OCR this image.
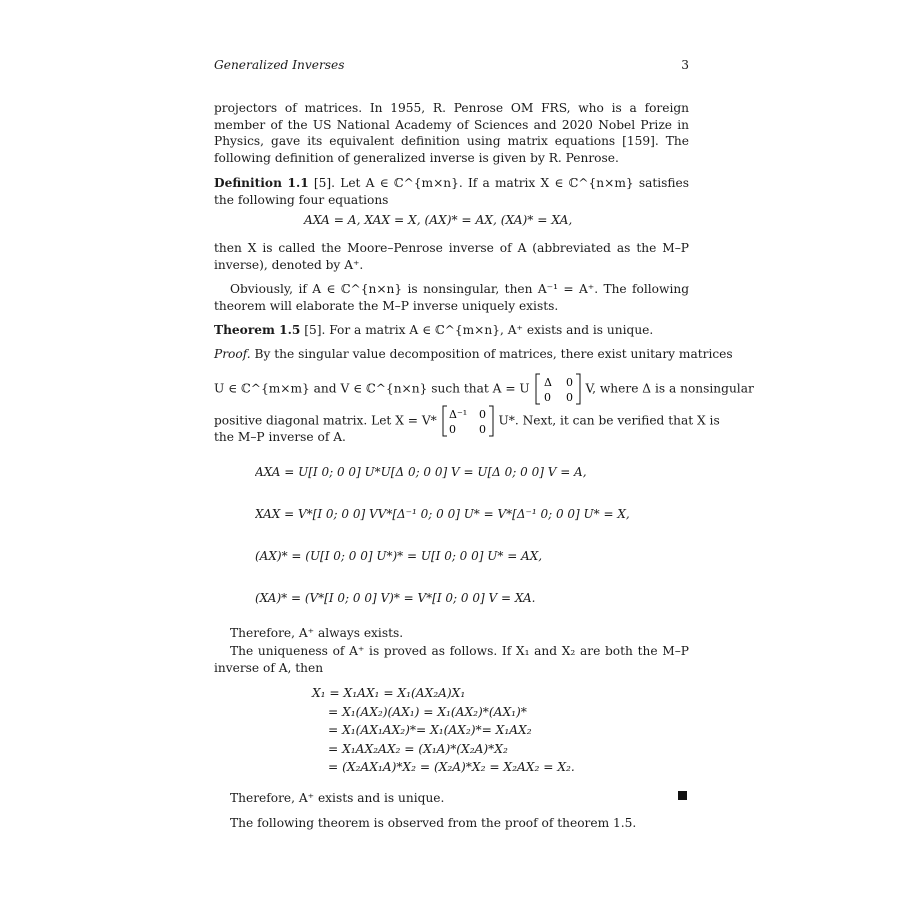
Generalized Inverses	3

projectors of matrices. In 1955, R. Penrose OM FRS, who is a foreign member of the US National Academy of Sciences and 2020 Nobel Prize in Physics, gave its equivalent definition using matrix equations [159]. The following definition of generalized inverse is given by R. Penrose.

Definition 1.1 [5]. Let A ∈ ℂ^{m×n}. If a matrix X ∈ ℂ^{n×m} satisfies the following four equations

AXA = A, XAX = X, (AX)* = AX, (XA)* = XA,

then X is called the Moore–Penrose inverse of A (abbreviated as the M–P inverse), denoted by A⁺.

Obviously, if A ∈ ℂ^{n×n} is nonsingular, then A⁻¹ = A⁺. The following theorem will elaborate the M–P inverse uniquely exists.

Theorem 1.5 [5]. For a matrix A ∈ ℂ^{m×n}, A⁺ exists and is unique.

Proof. By the singular value decomposition of matrices, there exist unitary matrices
U ∈ ℂ^{m×m} and V ∈ ℂ^{n×n} such that A = U Δ 0
0 0
V, where Δ is a nonsingular
positive diagonal matrix. Let X = V* Δ⁻¹ 0
0 0
U*. Next, it can be verified that X is
the M–P inverse of A.
AXA = U[I 0; 0 0] U*U[Δ 0; 0 0] V = U[Δ 0; 0 0] V = A,
XAX = V*[I 0; 0 0] VV*[Δ⁻¹ 0; 0 0] U* = V*[Δ⁻¹ 0; 0 0] U* = X,
(AX)* = (U[I 0; 0 0] U*)* = U[I 0; 0 0] U* = AX,
(XA)* = (V*[I 0; 0 0] V)* = V*[I 0; 0 0] V = XA.
Therefore, A⁺ always exists.

The uniqueness of A⁺ is proved as follows. If X₁ and X₂ are both the M–P inverse of A, then

X₁ = X₁AX₁ = X₁(AX₂A)X₁
= X₁(AX₂)(AX₁) = X₁(AX₂)*(AX₁)*
= X₁(AX₁AX₂)*= X₁(AX₂)*= X₁AX₂
= X₁AX₂AX₂ = (X₁A)*(X₂A)*X₂
= (X₂AX₁A)*X₂ = (X₂A)*X₂ = X₂AX₂ = X₂.
Therefore, A⁺ exists and is unique.
The following theorem is observed from the proof of theorem 1.5.
